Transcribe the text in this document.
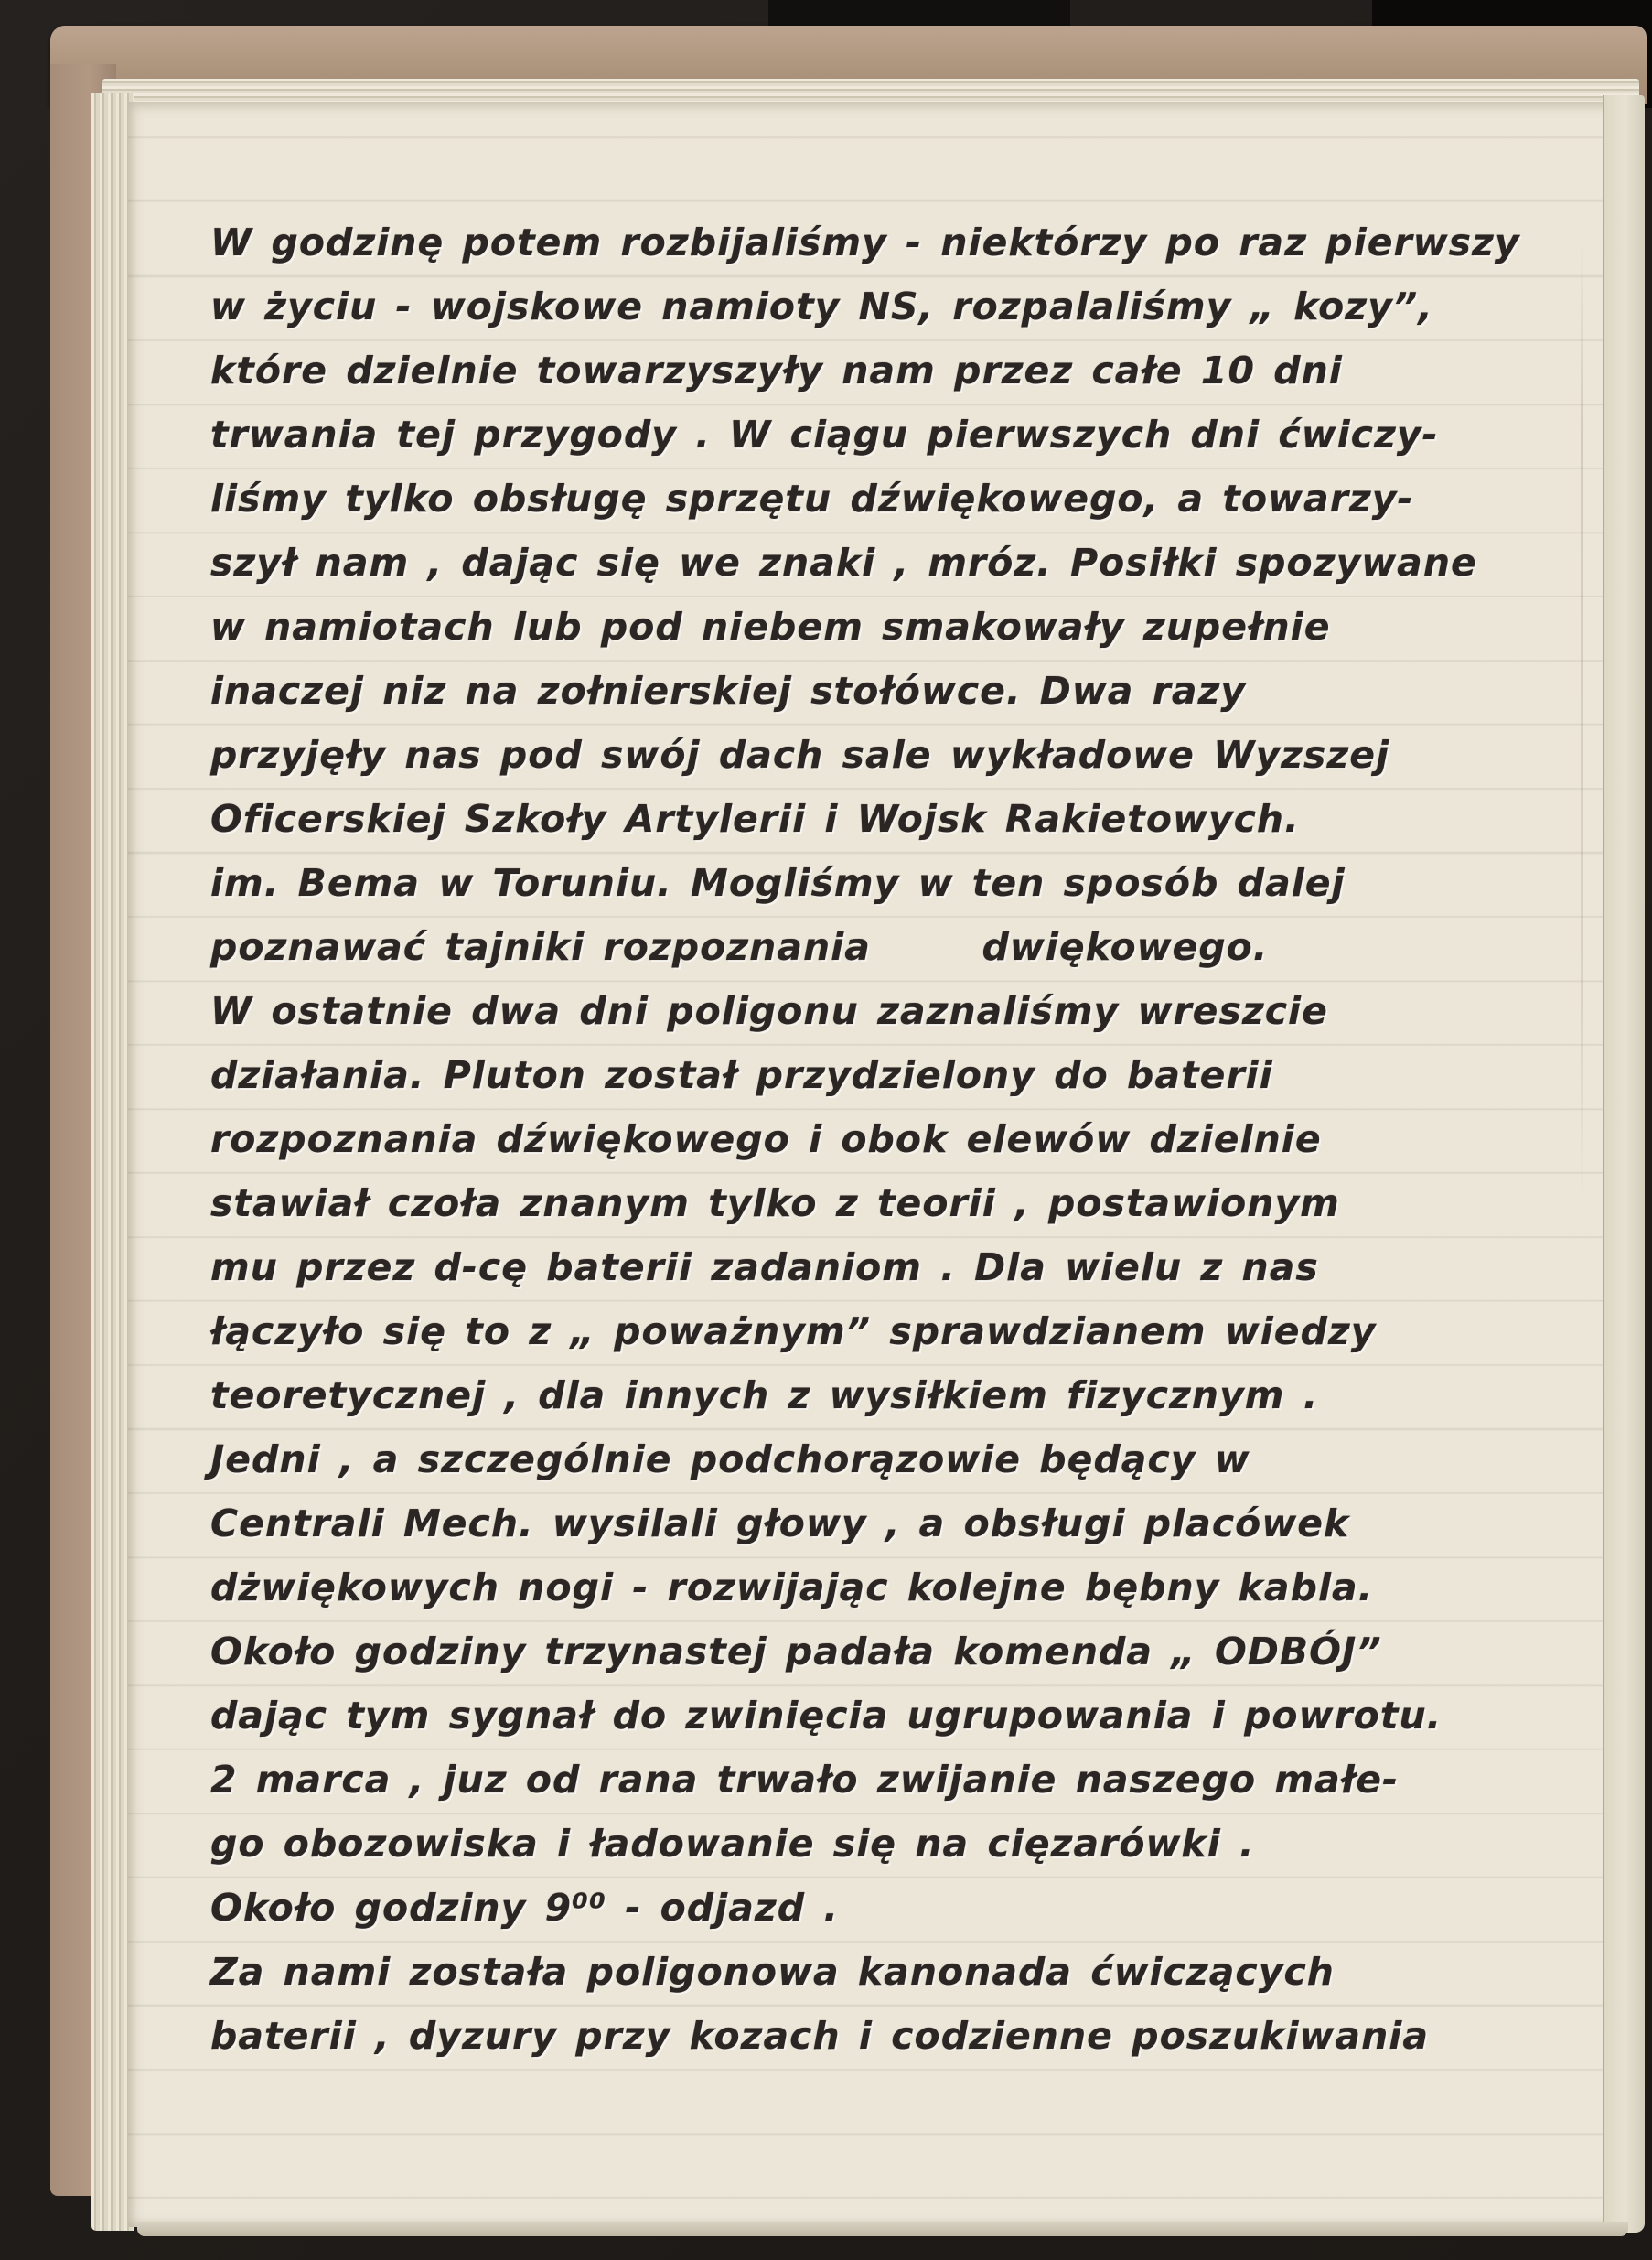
W godzinę potem rozbijaliśmy - niektórzy po raz pierwszy
w życiu - wojskowe namioty NS, rozpalaliśmy „ kozy”,
które dzielnie towarzyszyły nam przez całe 10 dni
trwania tej przygody . W ciągu pierwszych dni ćwiczy-
liśmy tylko obsługę sprzętu dźwiękowego, a towarzy-
szył nam , dając się we znaki , mróz. Posiłki spozywane
w namiotach lub pod niebem smakowały zupełnie
inaczej niz na zołnierskiej stołówce. Dwa razy
przyjęły nas pod swój dach sale wykładowe Wyzszej
Oficerskiej Szkoły Artylerii i Wojsk Rakietowych.
im. Bema w Toruniu. Mogliśmy w ten sposób dalej
poznawać tajniki rozpoznania      dwiękowego.
W ostatnie dwa dni poligonu zaznaliśmy wreszcie
działania. Pluton został przydzielony do baterii
rozpoznania dźwiękowego i obok elewów dzielnie
stawiał czoła znanym tylko z teorii , postawionym
mu przez d-cę baterii zadaniom . Dla wielu z nas
łączyło się to z „ poważnym” sprawdzianem wiedzy
teoretycznej , dla innych z wysiłkiem fizycznym .
Jedni , a szczególnie podchorązowie będący w
Centrali Mech. wysilali głowy , a obsługi placówek
dżwiękowych nogi - rozwijając kolejne bębny kabla.
Około godziny trzynastej padała komenda „ ODBÓJ”
dając tym sygnał do zwinięcia ugrupowania i powrotu.
2 marca , juz od rana trwało zwijanie naszego małe-
go obozowiska i ładowanie się na cięzarówki .
Około godziny 9⁰⁰ - odjazd .
Za nami została poligonowa kanonada ćwiczących
baterii , dyzury przy kozach i codzienne poszukiwania
